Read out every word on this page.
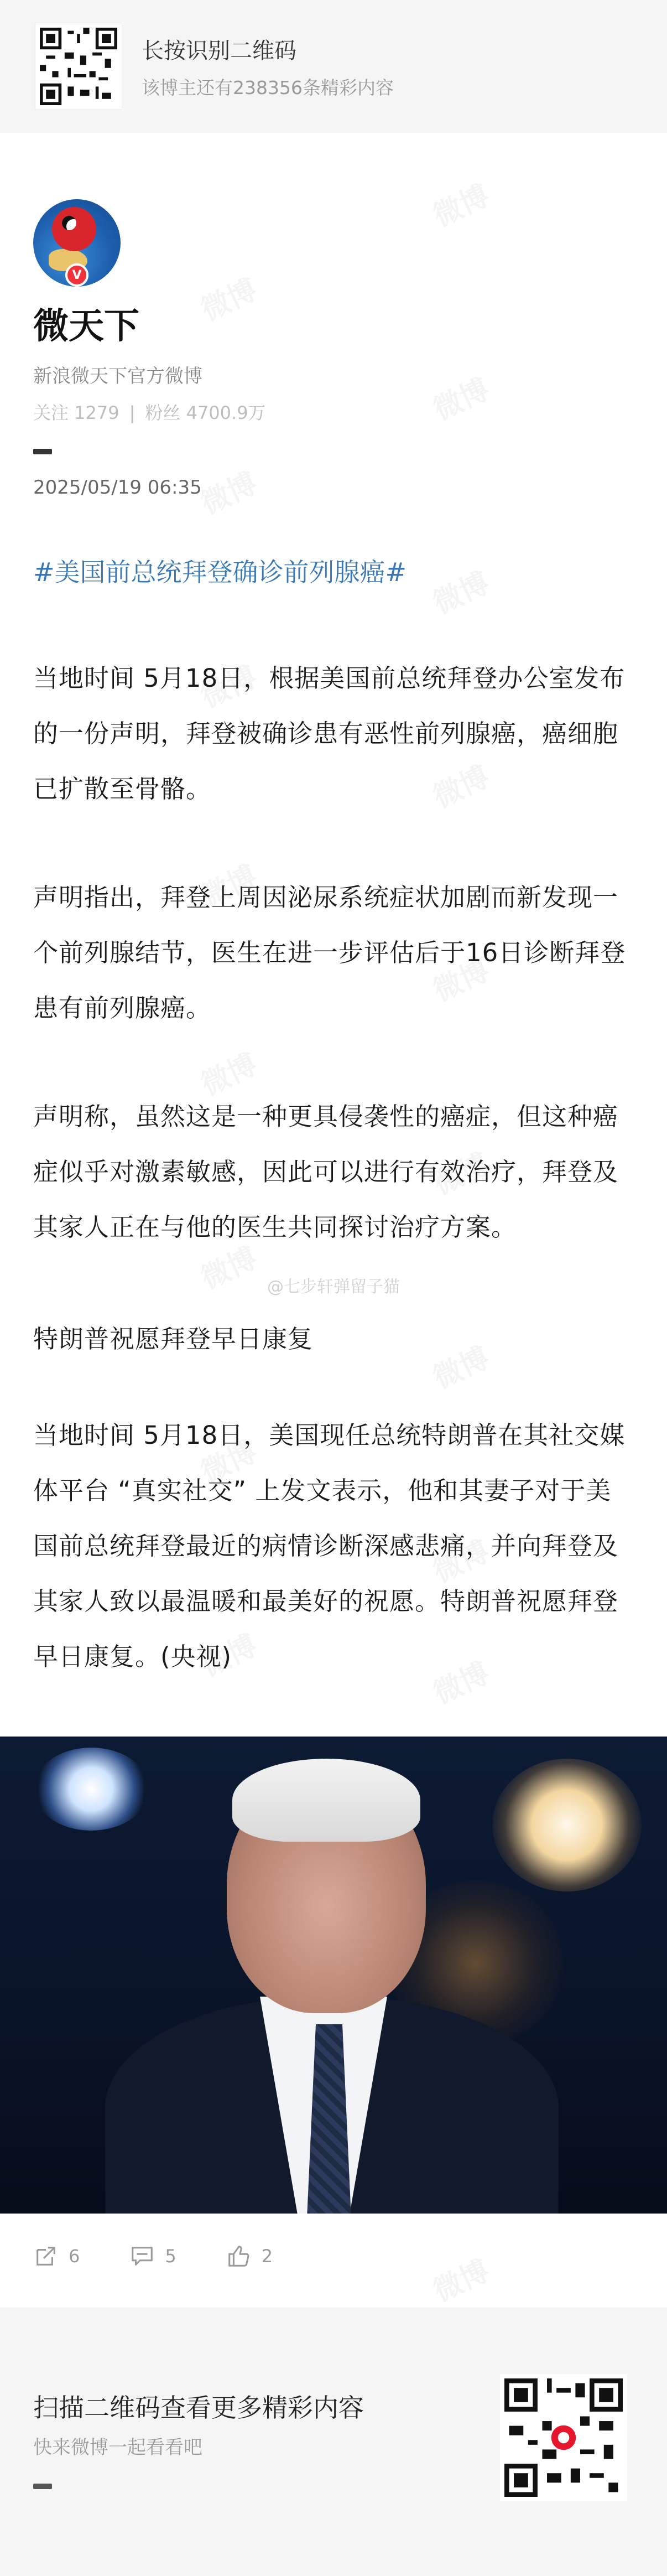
长按识别二维码
该博主还有238356条精彩内容
微天下
新浪微天下官方微博
关注 1279 | 粉丝 4700.9万
2025/05/19 06:35
V
#美国前总统拜登确诊前列腺癌#
当地时间 5月18日，根据美国前总统拜登办公室发布的一份声明，拜登被确诊患有恶性前列腺癌，癌细胞已扩散至骨骼。
声明指出，拜登上周因泌尿系统症状加剧而新发现一个前列腺结节，医生在进一步评估后于16日诊断拜登患有前列腺癌。
声明称，虽然这是一种更具侵袭性的癌症，但这种癌症似乎对激素敏感，因此可以进行有效治疗，拜登及其家人正在与他的医生共同探讨治疗方案。
@七步轩弹留子猫
特朗普祝愿拜登早日康复
当地时间 5月18日，美国现任总统特朗普在其社交媒体平台 “真实社交” 上发文表示，他和其妻子对于美国前总统拜登最近的病情诊断深感悲痛，并向拜登及其家人致以最温暖和最美好的祝愿。特朗普祝愿拜登早日康复。(央视)
6	5	2
扫描二维码查看更多精彩内容
快来微博一起看看吧
